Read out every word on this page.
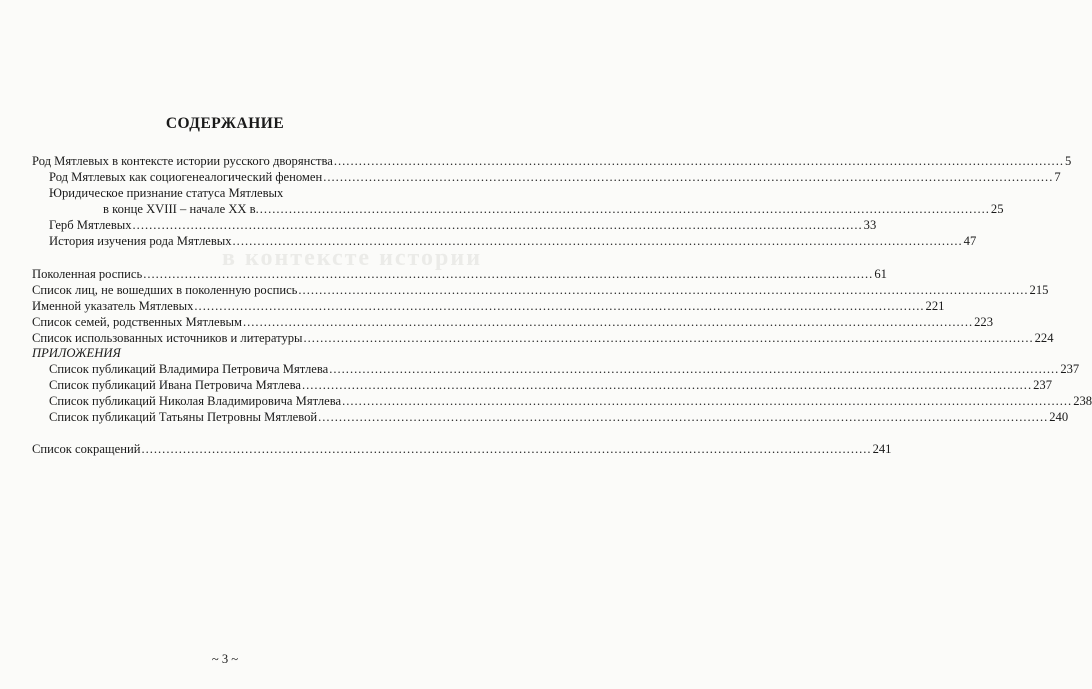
в контексте истории
СОДЕРЖАНИЕ
Род Мятлевых в контексте истории русского дворянства .....	5
Род Мятлевых как социогенеалогический феномен .....	7
Юридическое признание статуса Мятлевых
в конце XVIII – начале XX в. .....	25
Герб Мятлевых .....	33
История изучения рода Мятлевых .....	47
Поколенная роспись .....	61
Список лиц, не вошедших в поколенную роспись .....	215
Именной указатель Мятлевых .....	221
Список семей, родственных Мятлевым .....	223
Список использованных источников и литературы .....	224
ПРИЛОЖЕНИЯ
Список публикаций Владимира Петровича Мятлева .....	237
Список публикаций Ивана Петровича Мятлева .....	237
Список публикаций Николая Владимировича Мятлева .....	238
Список публикаций Татьяны Петровны Мятлевой .....	240
Список сокращений .....	241
~ 3 ~
